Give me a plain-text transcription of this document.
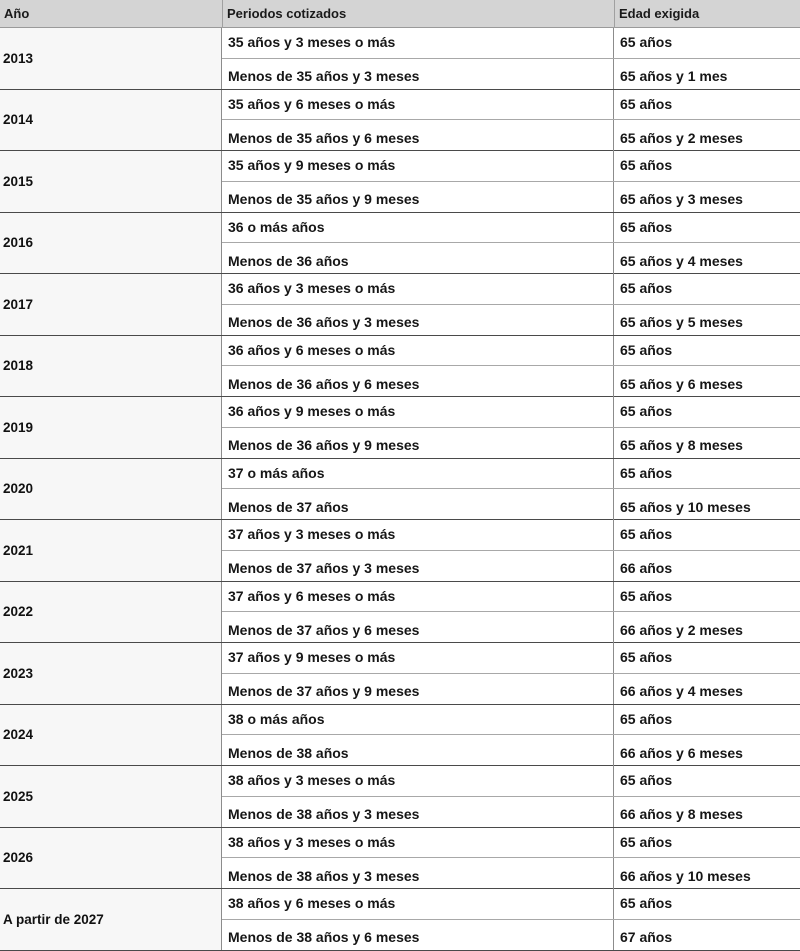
Año	Periodos cotizados	Edad exigida
2013
35 años y 3 meses o más	65 años
Menos de 35 años y 3 meses	65 años y 1 mes
2014
35 años y 6 meses o más	65 años
Menos de 35 años y 6 meses	65 años y 2 meses
2015
35 años y 9 meses o más	65 años
Menos de 35 años y 9 meses	65 años y 3 meses
2016
36 o más años	65 años
Menos de 36 años	65 años y 4 meses
2017
36 años y 3 meses o más	65 años
Menos de 36 años y 3 meses	65 años y 5 meses
2018
36 años y 6 meses o más	65 años
Menos de 36 años y 6 meses	65 años y 6 meses
2019
36 años y 9 meses o más	65 años
Menos de 36 años y 9 meses	65 años y 8 meses
2020
37 o más años	65 años
Menos de 37 años	65 años y 10 meses
2021
37 años y 3 meses o más	65 años
Menos de 37 años y 3 meses	66 años
2022
37 años y 6 meses o más	65 años
Menos de 37 años y 6 meses	66 años y 2 meses
2023
37 años y 9 meses o más	65 años
Menos de 37 años y 9 meses	66 años y 4 meses
2024
38 o más años	65 años
Menos de 38 años	66 años y 6 meses
2025
38 años y 3 meses o más	65 años
Menos de 38 años y 3 meses	66 años y 8 meses
2026
38 años y 3 meses o más	65 años
Menos de 38 años y 3 meses	66 años y 10 meses
A partir de 2027
38 años y 6 meses o más	65 años
Menos de 38 años y 6 meses	67 años
